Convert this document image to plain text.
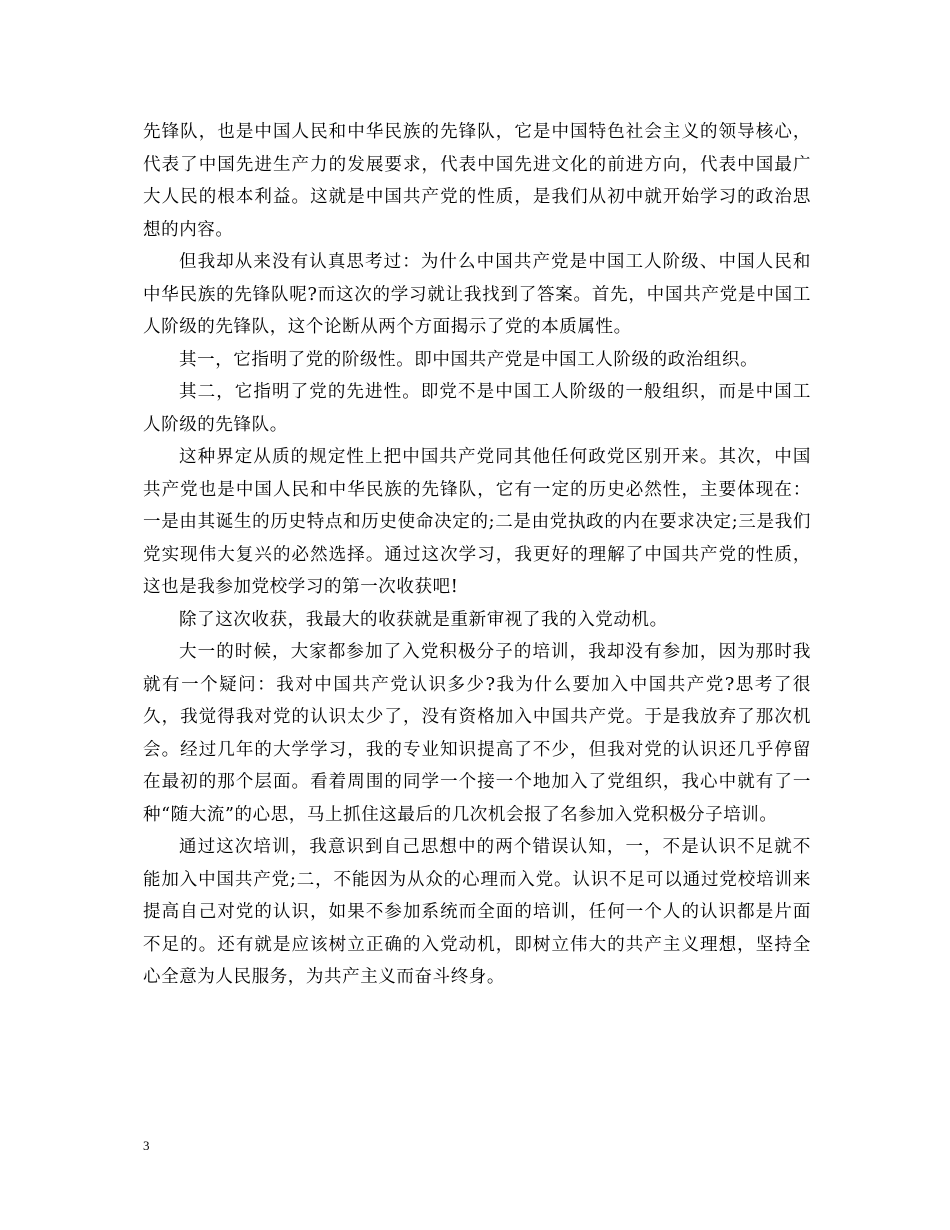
先锋队，也是中国人民和中华民族的先锋队，它是中国特色社会主义的领导核心，代表了中国先进生产力的发展要求，代表中国先进文化的前进方向，代表中国最广大人民的根本利益。这就是中国共产党的性质，是我们从初中就开始学习的政治思想的内容。

但我却从来没有认真思考过：为什么中国共产党是中国工人阶级、中国人民和中华民族的先锋队呢?而这次的学习就让我找到了答案。首先，中国共产党是中国工人阶级的先锋队，这个论断从两个方面揭示了党的本质属性。

其一，它指明了党的阶级性。即中国共产党是中国工人阶级的政治组织。

其二，它指明了党的先进性。即党不是中国工人阶级的一般组织，而是中国工人阶级的先锋队。

这种界定从质的规定性上把中国共产党同其他任何政党区别开来。其次，中国共产党也是中国人民和中华民族的先锋队，它有一定的历史必然性，主要体现在：一是由其诞生的历史特点和历史使命决定的;二是由党执政的内在要求决定;三是我们党实现伟大复兴的必然选择。通过这次学习，我更好的理解了中国共产党的性质，这也是我参加党校学习的第一次收获吧!

除了这次收获，我最大的收获就是重新审视了我的入党动机。

大一的时候，大家都参加了入党积极分子的培训，我却没有参加，因为那时我就有一个疑问：我对中国共产党认识多少?我为什么要加入中国共产党?思考了很久，我觉得我对党的认识太少了，没有资格加入中国共产党。于是我放弃了那次机会。经过几年的大学学习，我的专业知识提高了不少，但我对党的认识还几乎停留在最初的那个层面。看着周围的同学一个接一个地加入了党组织，我心中就有了一种“随大流”的心思，马上抓住这最后的几次机会报了名参加入党积极分子培训。

通过这次培训，我意识到自己思想中的两个错误认知，一，不是认识不足就不能加入中国共产党;二，不能因为从众的心理而入党。认识不足可以通过党校培训来提高自己对党的认识，如果不参加系统而全面的培训，任何一个人的认识都是片面不足的。还有就是应该树立正确的入党动机，即树立伟大的共产主义理想，坚持全心全意为人民服务，为共产主义而奋斗终身。

3
